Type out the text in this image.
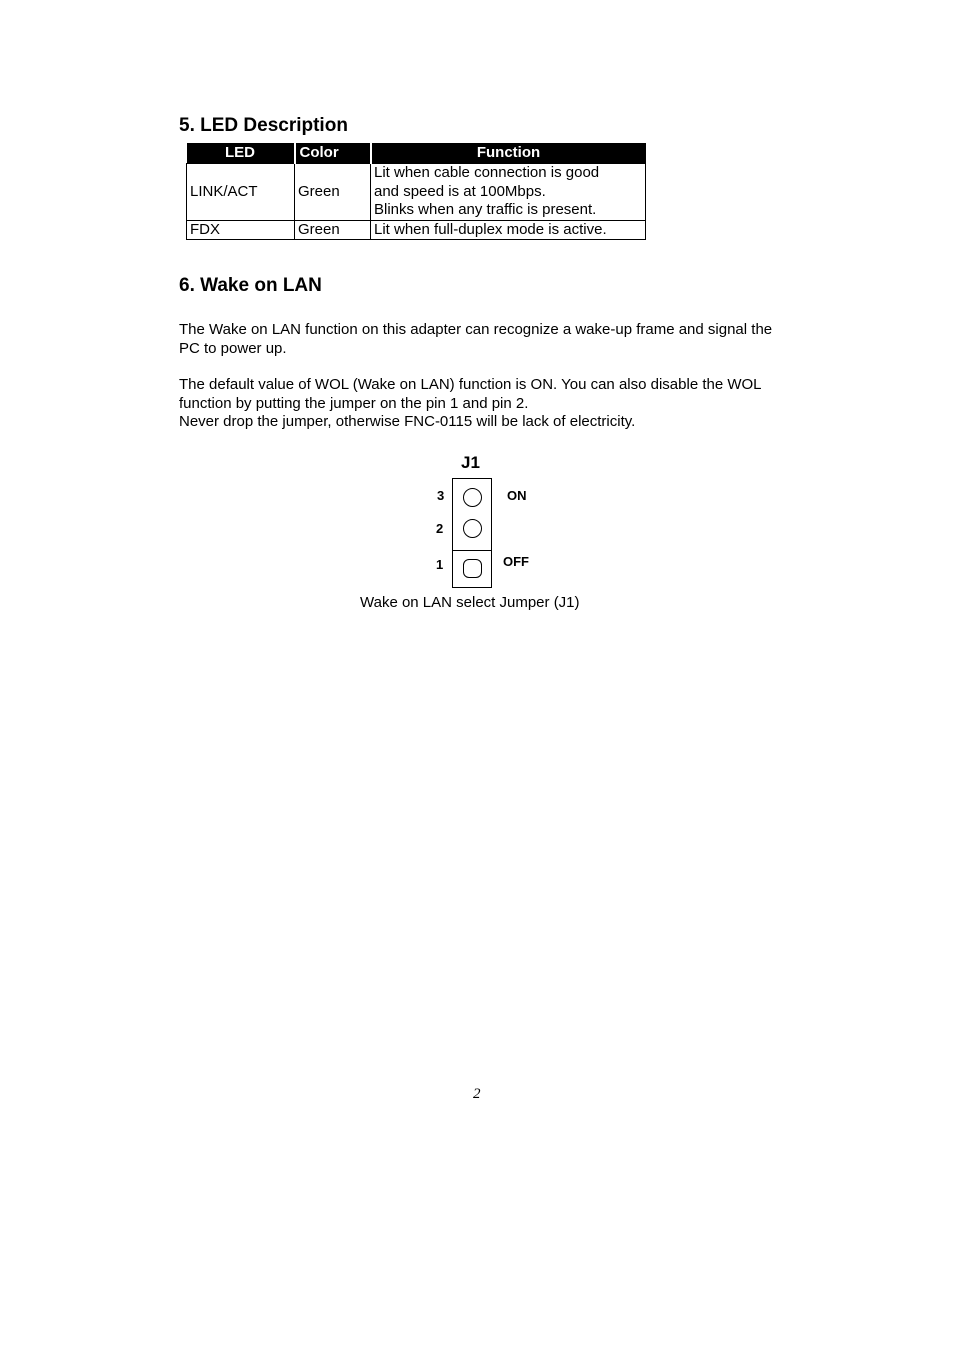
5. LED Description
LED	Color	Function
LINK/ACT	Green	Lit when cable connection is good
and speed is at 100Mbps.
Blinks when any traffic is present.

FDX	Green	Lit when full-duplex mode is active.
6. Wake on LAN

The Wake on LAN function on this adapter can recognize a wake-up frame and signal the PC to power up.

The default value of WOL (Wake on LAN) function is ON. You can also disable the WOL function by putting the jumper on the pin 1 and pin 2.

Never drop the jumper, otherwise FNC-0115 will be lack of electricity.

J1
3
2
1
ON
OFF
Wake on LAN select Jumper (J1)
2
